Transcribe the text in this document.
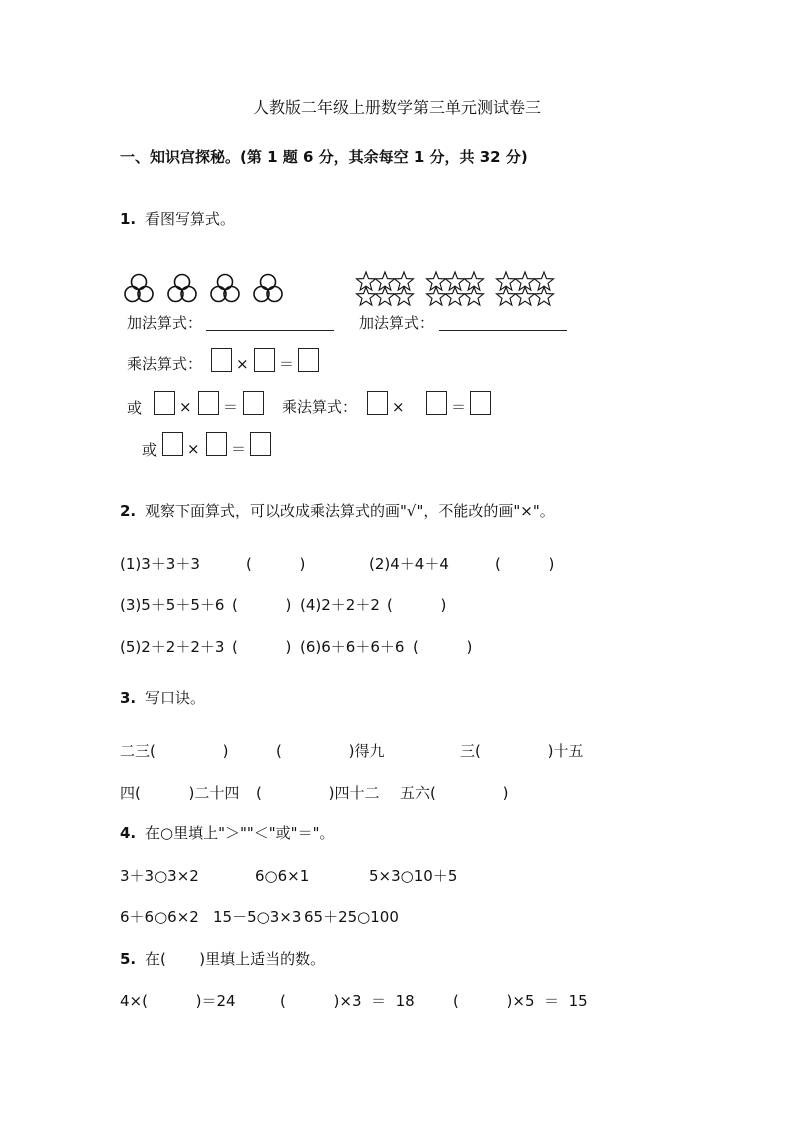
人教版二年级上册数学第三单元测试卷三
一、知识宫探秘。(第 1 题 6 分，其余每空 1 分，共 32 分)
1. 看图写算式。
加法算式：	加法算式：
乘法算式： × ＝
或 × ＝	乘法算式： ×	＝
或 × ＝
2. 观察下面算式，可以改成乘法算式的画"√"，不能改的画"×"。
(1)3＋3＋3	(          )	(2)4＋4＋4	(          )
(3)5＋5＋5＋6 (          ) (4)2＋2＋2 (          )
(5)2＋2＋2＋3 (          ) (6)6＋6＋6＋6 (          )
3. 写口诀。
二三(              )	(              )得九	三(              )十五
四(          )二十四 (              )四十二 五六(              )
4. 在○里填上"＞""＜"或"＝"。
3＋3○3×2	6○6×1	5×3○10＋5
6＋6○6×2 15－5○3×3 65＋25○100
5. 在(       )里填上适当的数。
4×(          )＝24	(          )×3  ＝  18	(          )×5  ＝  15
